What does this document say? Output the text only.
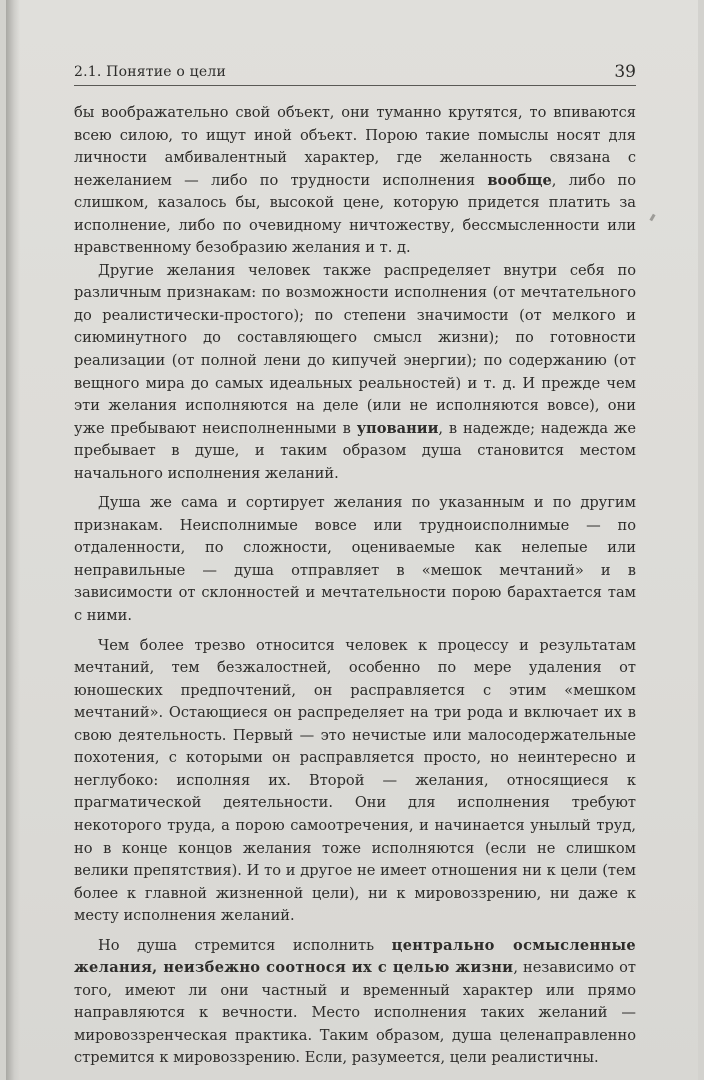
2.1. Понятие о цели	39

бы воображательно свой объект, они туманно крутятся, то впиваются всею силою, то ищут иной объект. Порою такие помыслы носят для личности амбивалентный характер, где желанность связана с нежеланием — либо по трудности исполнения вообще, либо по слишком, казалось бы, высокой цене, которую придется платить за исполнение, либо по очевидному ничтожеству, бессмысленности или нравственному безобразию желания и т. д.

Другие желания человек также распределяет внутри себя по различным признакам: по возможности исполнения (от мечтательного до реалистически-простого); по степени значимости (от мелкого и сиюминутного до составляющего смысл жизни); по готовности реализации (от полной лени до кипучей энергии); по содержанию (от вещного мира до самых идеальных реальностей) и т. д. И прежде чем эти желания исполняются на деле (или не исполняются вовсе), они уже пребывают неисполненными в уповании, в надежде; надежда же пребывает в душе, и таким образом душа становится местом начального исполнения желаний.

Душа же сама и сортирует желания по указанным и по другим признакам. Неисполнимые вовсе или трудноисполнимые — по отдаленности, по сложности, оцениваемые как нелепые или неправильные — душа отправляет в «мешок мечтаний» и в зависимости от склонностей и мечтательности порою барахтается там с ними.

Чем более трезво относится человек к процессу и результатам мечтаний, тем безжалостней, особенно по мере удаления от юношеских предпочтений, он расправляется с этим «мешком мечтаний». Остающиеся он распределяет на три рода и включает их в свою деятельность. Первый — это нечистые или малосодержательные похотения, с которыми он расправляется просто, но неинтересно и неглубоко: исполняя их. Второй — желания, относящиеся к прагматической деятельности. Они для исполнения требуют некоторого труда, а порою самоотречения, и начинается унылый труд, но в конце концов желания тоже исполняются (если не слишком велики препятствия). И то и другое не имеет отношения ни к цели (тем более к главной жизненной цели), ни к мировоззрению, ни даже к месту исполнения желаний.

Но душа стремится исполнить центрально осмысленные желания, неизбежно соотнося их с целью жизни, независимо от того, имеют ли они частный и временный характер или прямо направляются к вечности. Место исполнения таких желаний — мировоззренческая практика. Таким образом, душа целенаправленно стремится к мировоззрению. Если, разумеется, цели реалистичны.
